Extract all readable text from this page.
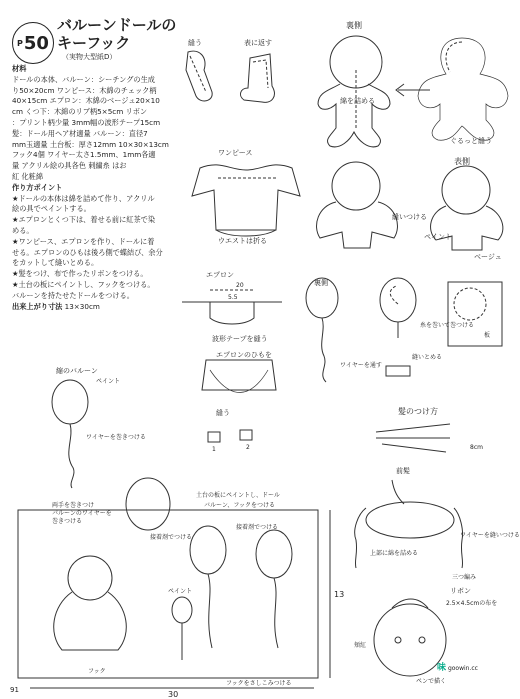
P 50
バルーンドールの
キーフック
（実物大型紙D）
材料
ドールの本体、バルーン：シーチングの生成
り50×20cm ワンピース：木綿のチェック柄
40×15cm エプロン：木綿のベージュ20×10
cm くつ下：木綿のリブ柄5×5cm リボン
：プリント柄少量 3mm幅の波形テープ15cm
髪：ドール用ヘア材適量 バルーン：直径7
mm玉適量 土台板：厚さ12mm 10×30×13cm
フック4個 ワイヤー太さ1.5mm、1mm各適
量 アクリル絵の具各色 刺繍糸 はお
紅 化粧綿
作り方ポイント
★ドールの本体は綿を詰めて作り、アクリル
絵の具でペイントする。
★エプロンとくつ下は、着せる前に紅茶で染
める。
★ワンピース、エプロンを作り、ドールに着
せる。エプロンのひもは後ろ側で蝶結び、余分
をカットして縫いとめる。
★髪をつけ、布で作ったリボンをつける。
★土台の板にペイントし、フックをつける。
バルーンを持たせたドールをつける。
出来上がり寸法 13×30cm
縫う	表に返す
裏側
綿を詰める
ぐるっと縫う
ワンピース
ウエストは折る
表側
縫いつける
ペイント
ベージュ
エプロン
5.5
20
波形テープを縫う
エプロンのひもを
縫う
1	2
裏側
ワイヤーを通す
糸を巻いて巻つける
縫いとめる
板
髪のつけ方
8cm
前髪
上部に綿を詰める
三つ編み
ワイヤーを縫いつける
リボン
2.5×4.5cmの布を
ペンで描く
頬紅
縮のバルーン
ペイント
ワイヤーを巻きつける
両手を巻きつけ
バルーンのワイヤーを
巻きつける
土台の板にペイントし、ドール
バルーン、フックをつける
接着剤でつける
接着剤でつける
フック
30
13
ペイント
フックをさしこみつける
91
味 goowin.cc
